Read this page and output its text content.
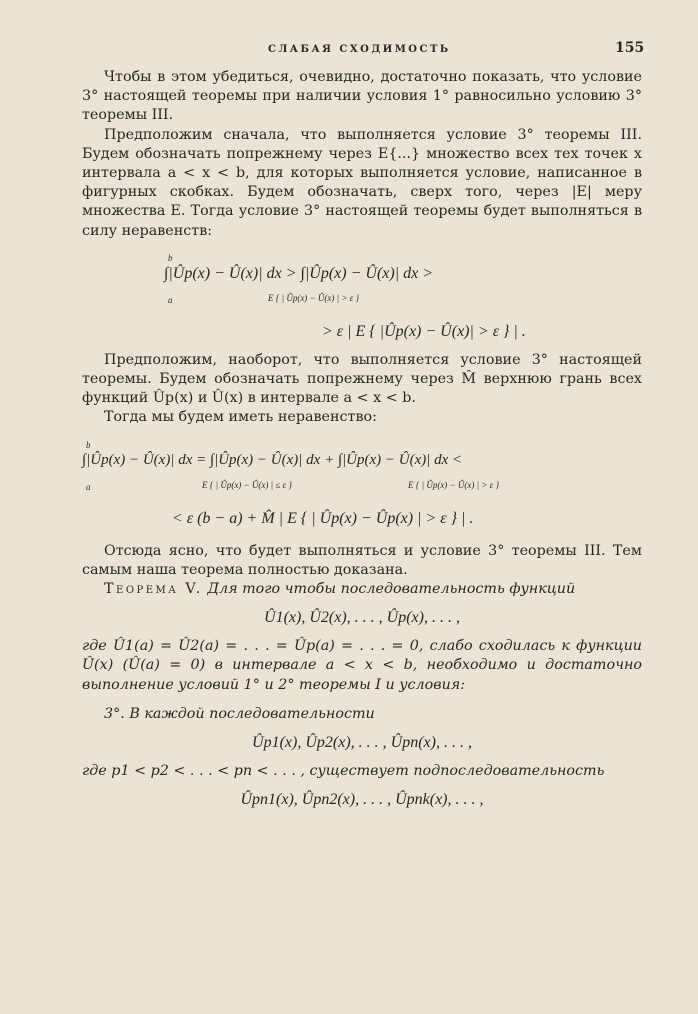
СЛАБАЯ СХОДИМОСТЬ	155

Чтобы в этом убедиться, очевидно, достаточно показать, что условие 3° настоящей теоремы при наличии условия 1° равносильно условию 3° теоремы III.

Предположим сначала, что выполняется условие 3° теоремы III. Будем обозначать попрежнему через E{...} множество всех тех точек x интервала a < x < b, для которых выполняется условие, написанное в фигурных скобках. Будем обозначать, сверх того, через |E| меру множества E. Тогда условие 3° настоящей теоремы будет выполняться в силу неравенств:

b
a
∫|Ûp(x) − Û(x)| dx > ∫|Ûp(x) − Û(x)| dx >
E { | Ûp(x) − Û(x) | > ε }
> ε | E { |Ûp(x) − Û(x)| > ε } | .

Предположим, наоборот, что выполняется условие 3° настоящей теоремы. Будем обозначать попрежнему через M̂ верхнюю грань всех функций Ûp(x) и Û(x) в интервале a < x < b.

Тогда мы будем иметь неравенство:

b
a
∫|Ûp(x) − Û(x)| dx = ∫|Ûp(x) − Û(x)| dx + ∫|Ûp(x) − Û(x)| dx <
E { | Ûp(x) − Û(x) | ≤ ε }	E { | Ûp(x) − Û(x) | > ε }
< ε (b − a) + M̂ | E { | Ûp(x) − Ûp(x) | > ε } | .

Отсюда ясно, что будет выполняться и условие 3° теоремы III. Тем самым наша теорема полностью доказана.

Теорема V. Для того чтобы последовательность функций

Û1(x), Û2(x), . . . , Ûp(x), . . . ,

где Û1(a) = Û2(a) = . . . = Ûp(a) = . . . = 0, слабо сходилась к функции Û(x) (Û(a) = 0) в интервале a < x < b, необходимо и достаточно выполнение условий 1° и 2° теоремы I и условия:

3°. В каждой последовательности

Ûp1(x), Ûp2(x), . . . , Ûpn(x), . . . ,

где p1 < p2 < . . . < pn < . . . , существует подпоследовательность

Ûpn1(x), Ûpn2(x), . . . , Ûpnk(x), . . . ,
